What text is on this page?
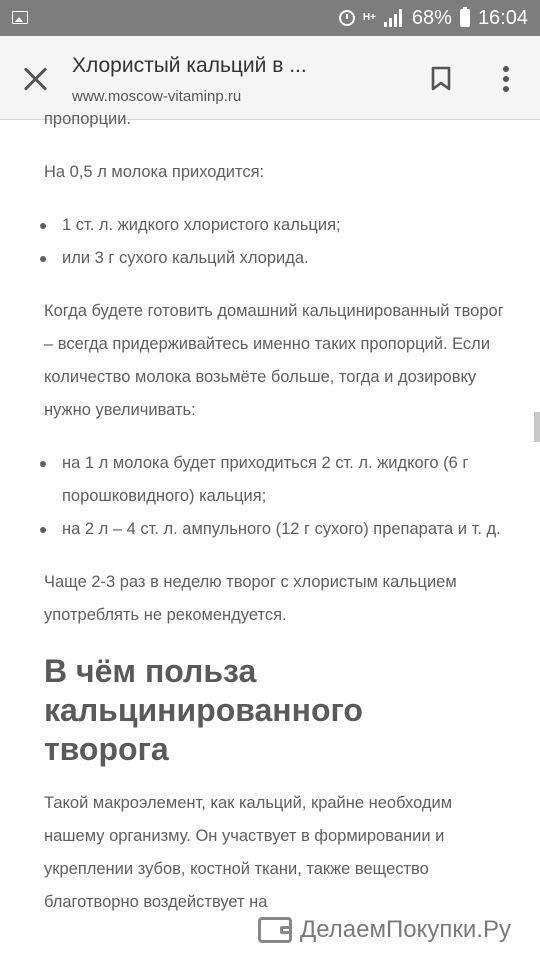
H+ 68% 16:04
Хлористый кальций в ...
www.moscow-vitaminp.ru

пропорции.

На 0,5 л молока приходится:

1 ст. л. жидкого хлористого кальция;
или 3 г сухого кальций хлорида.

Когда будете готовить домашний кальцинированный творог – всегда придерживайтесь именно таких пропорций. Если количество молока возьмёте больше, тогда и дозировку нужно увеличивать:

на 1 л молока будет приходиться 2 ст. л. жидкого (6 г порошковидного) кальция;
на 2 л – 4 ст. л. ампульного (12 г сухого) препарата и т. д.

Чаще 2-3 раз в неделю творог с хлористым кальцием употреблять не рекомендуется.

В чём польза кальцинированного творога

Такой макроэлемент, как кальций, крайне необходим нашему организму. Он участвует в формировании и укреплении зубов, костной ткани, также вещество благотворно воздействует на

ДелаемПокупки.Ру
